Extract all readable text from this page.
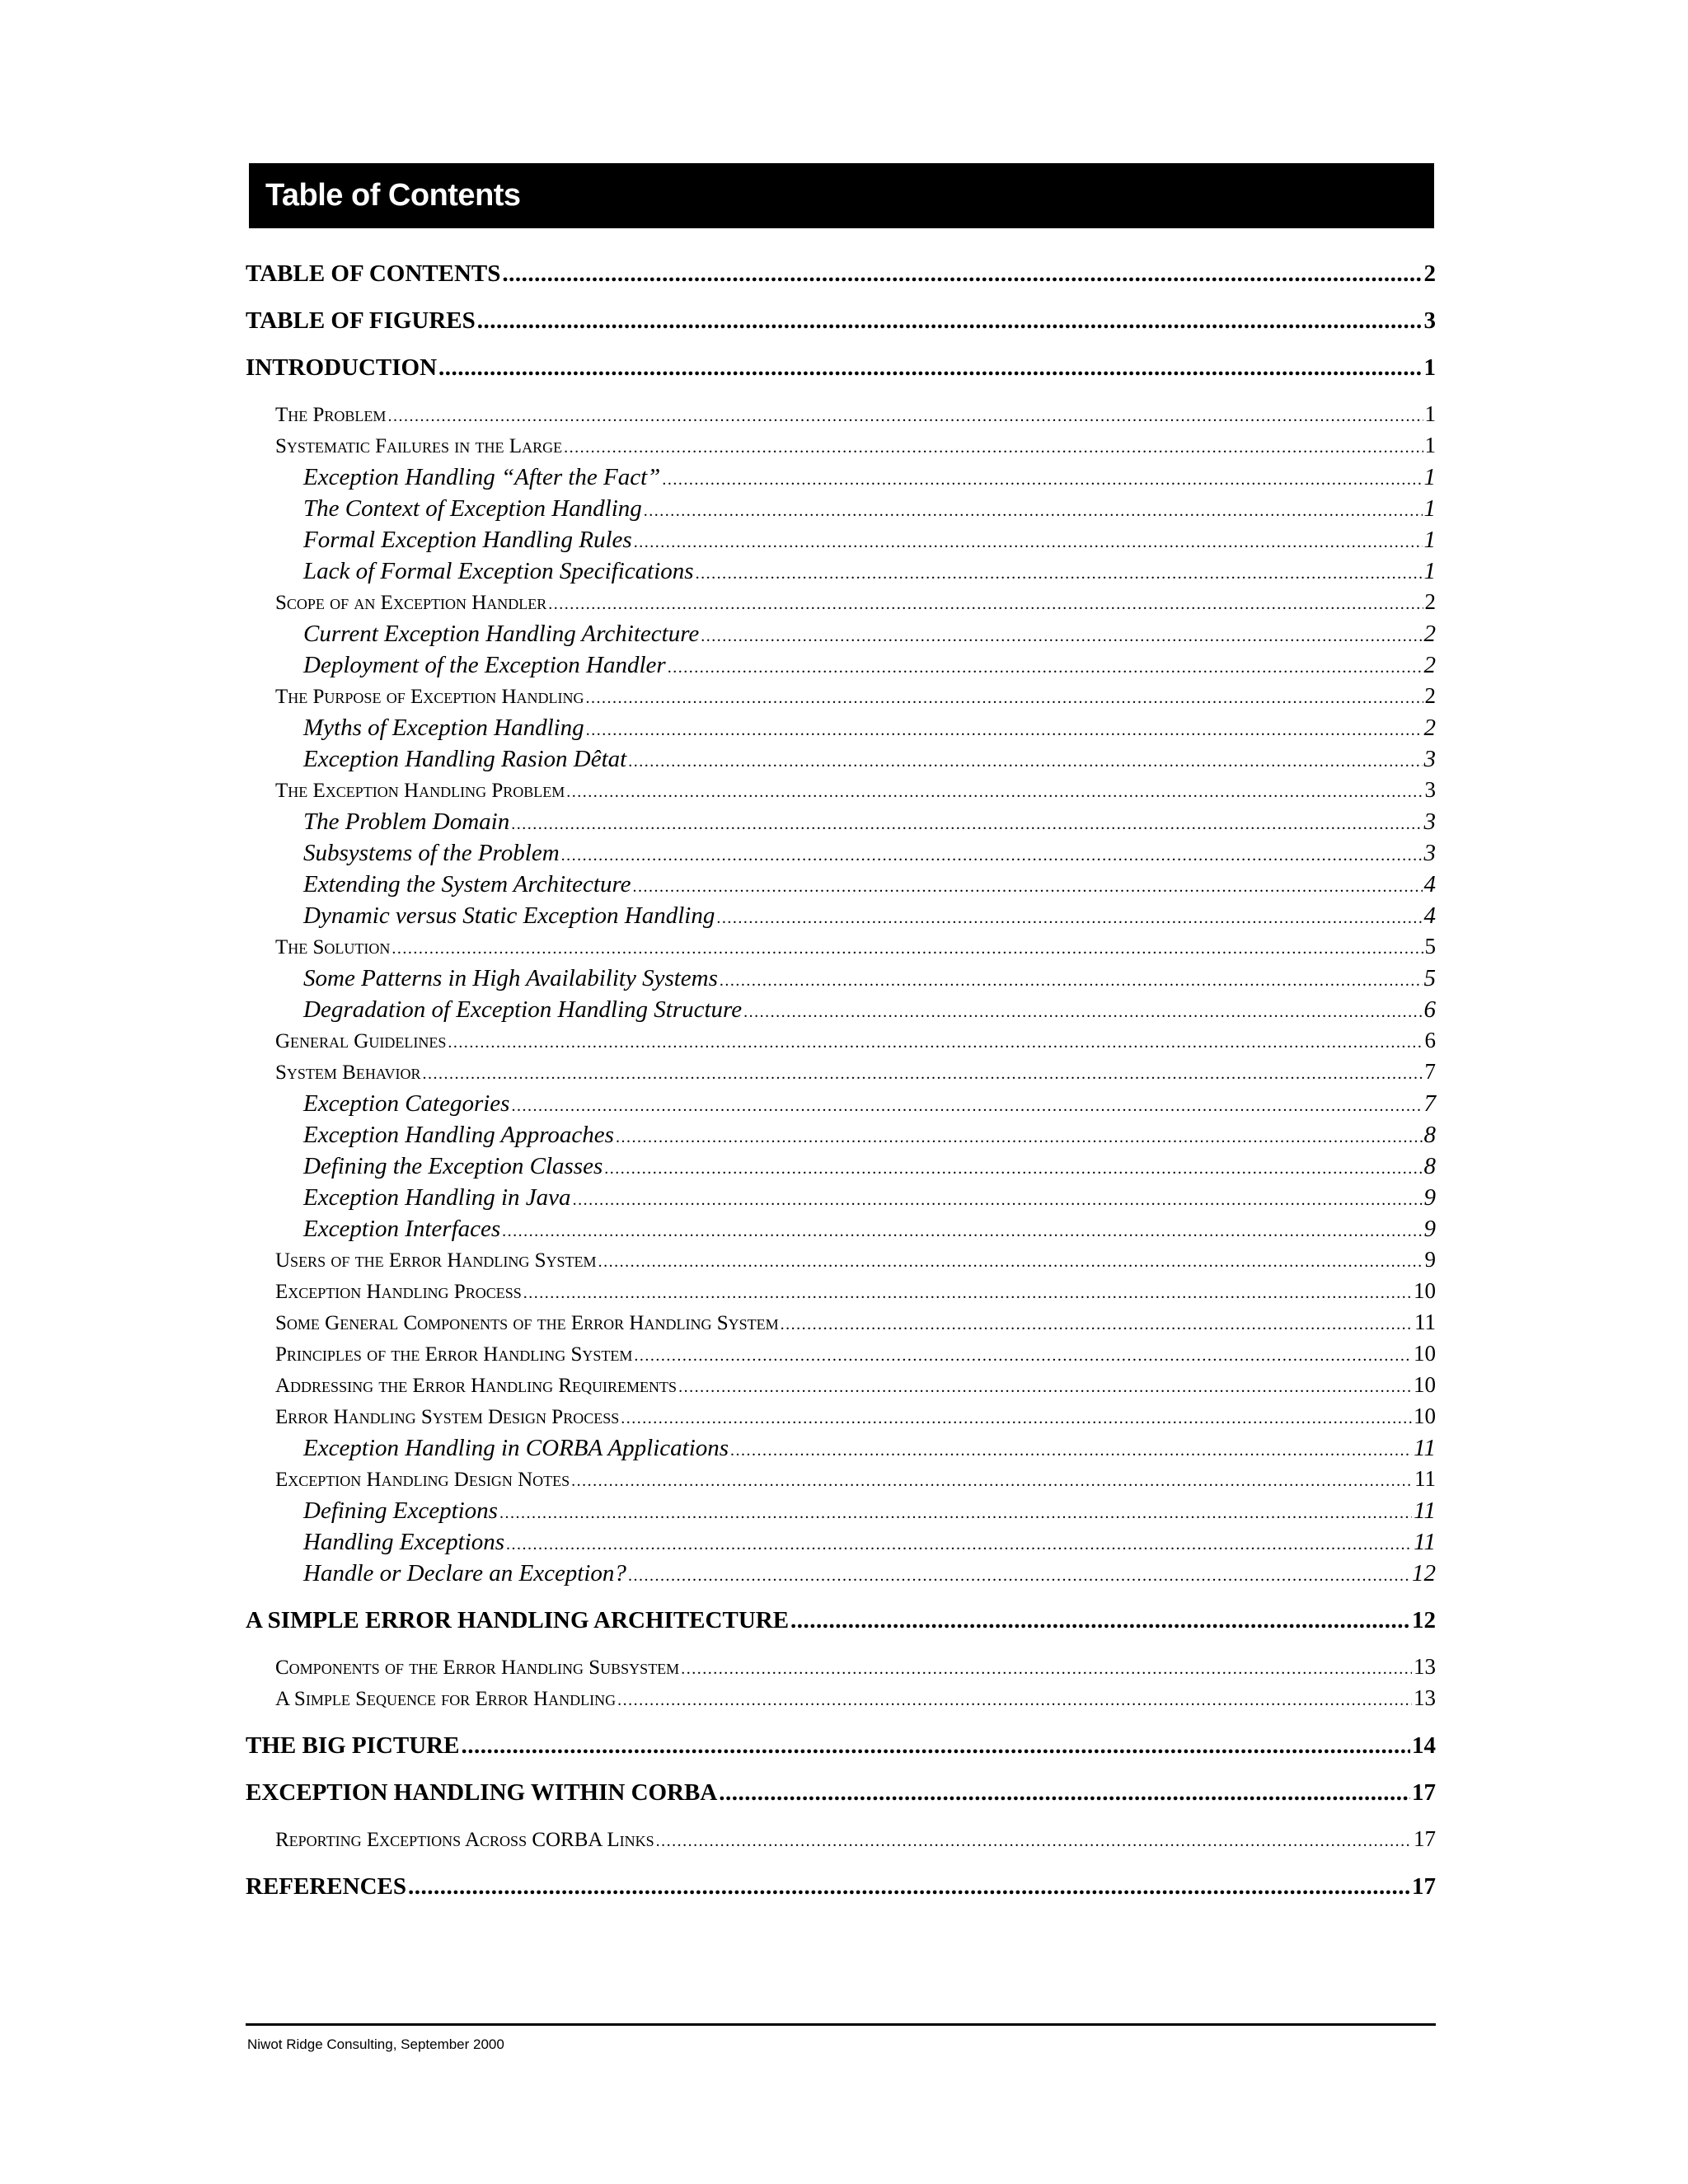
Table of Contents
TABLE OF CONTENTS .....	2
TABLE OF FIGURES .....	3
INTRODUCTION .....	1
The Problem .....	1
Systematic Failures in the Large .....	1
Exception Handling “After the Fact” .....	1
The Context of Exception Handling .....	1
Formal Exception Handling Rules .....	1
Lack of Formal Exception Specifications .....	1
Scope of an Exception Handler .....	2
Current Exception Handling Architecture .....	2
Deployment of the Exception Handler .....	2
The Purpose of Exception Handling .....	2
Myths of Exception Handling .....	2
Exception Handling Rasion Dêtat .....	3
The Exception Handling Problem .....	3
The Problem Domain .....	3
Subsystems of the Problem .....	3
Extending the System Architecture .....	4
Dynamic versus Static Exception Handling .....	4
The Solution .....	5
Some Patterns in High Availability Systems .....	5
Degradation of Exception Handling Structure .....	6
General Guidelines .....	6
System Behavior .....	7
Exception Categories .....	7
Exception Handling Approaches .....	8
Defining the Exception Classes .....	8
Exception Handling in Java .....	9
Exception Interfaces .....	9
Users of the Error Handling System .....	9
Exception Handling Process .....	10
Some General Components of the Error Handling System .....	11
Principles of the Error Handling System .....	10
Addressing the Error Handling Requirements .....	10
Error Handling System Design Process .....	10
Exception Handling in CORBA Applications .....	11
Exception Handling Design Notes .....	11
Defining Exceptions .....	11
Handling Exceptions .....	11
Handle or Declare an Exception? .....	12
A SIMPLE ERROR HANDLING ARCHITECTURE .....	12
Components of the Error Handling Subsystem .....	13
A Simple Sequence for Error Handling .....	13
THE BIG PICTURE .....	14
EXCEPTION HANDLING WITHIN CORBA .....	17
Reporting Exceptions Across CORBA Links .....	17
REFERENCES .....	17
Niwot Ridge Consulting, September 2000
